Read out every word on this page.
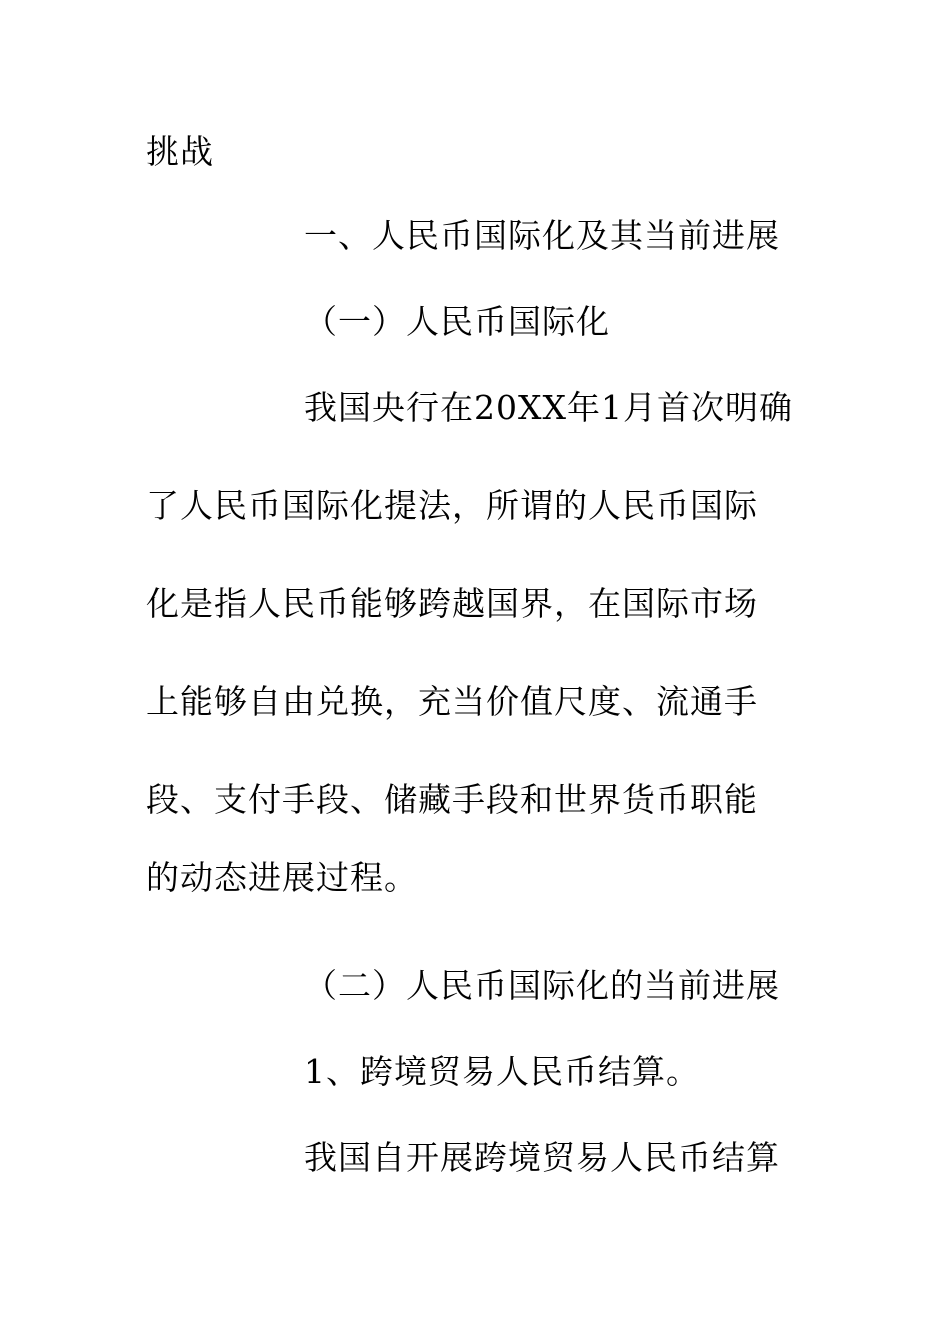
挑战
一、人民币国际化及其当前进展
（一）人民币国际化
我国央行在20XX年1月首次明确
了人民币国际化提法，所谓的人民币国际
化是指人民币能够跨越国界，在国际市场
上能够自由兑换，充当价值尺度、流通手
段、支付手段、储藏手段和世界货币职能
的动态进展过程。
（二）人民币国际化的当前进展
1、跨境贸易人民币结算。
我国自开展跨境贸易人民币结算
